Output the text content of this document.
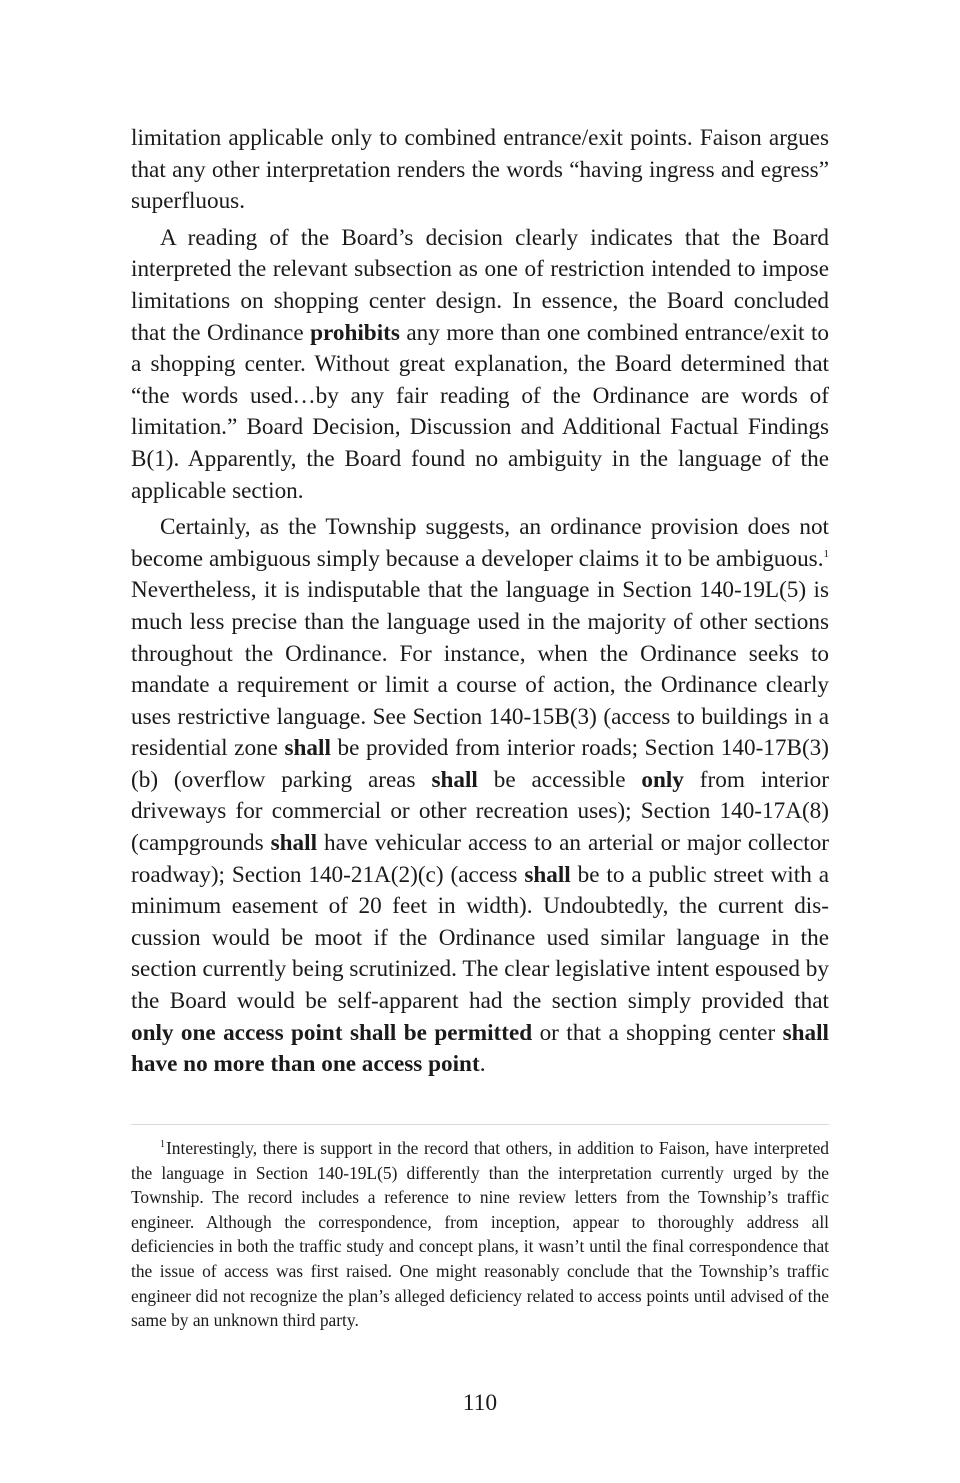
limitation applicable only to combined entrance/exit points. Faison argues that any other interpretation renders the words “having ingress and egress” superfluous.

A reading of the Board’s decision clearly indicates that the Board interpreted the relevant subsection as one of restriction intended to impose limitations on shopping center design. In essence, the Board concluded that the Ordinance prohibits any more than one combined entrance/exit to a shopping center. Without great explanation, the Board determined that “the words used…by any fair reading of the Ordinance are words of limitation.” Board Decision, Discussion and Additional Factual Findings B(1). Apparently, the Board found no ambiguity in the language of the applicable section.

Certainly, as the Township suggests, an ordinance provision does not become ambiguous simply because a developer claims it to be ambiguous.$^1$ Nevertheless, it is indisputable that the language in Section 140-19L(5) is much less precise than the language used in the majority of other sections throughout the Ordinance. For instance, when the Ordinance seeks to mandate a requirement or limit a course of action, the Ordinance clearly uses restrictive language. See Section 140-15B(3) (access to buildings in a residential zone shall be provided from interior roads; Section 140-17B(3)(b) (overflow parking areas shall be accessible only from interior driveways for commercial or other recreation uses); Section 140-17A(8) (campgrounds shall have vehicular access to an arterial or major collector roadway); Section 140-21A(2)(c) (access shall be to a public street with a minimum easement of 20 feet in width). Undoubtedly, the current discussion would be moot if the Ordinance used similar language in the section currently being scrutinized. The clear legislative intent espoused by the Board would be self-apparent had the section simply provided that only one access point shall be permitted or that a shopping center shall have no more than one access point.

$^1$Interestingly, there is support in the record that others, in addition to Faison, have interpreted the language in Section 140-19L(5) differently than the interpretation currently urged by the Township. The record includes a reference to nine review letters from the Township’s traffic engineer. Although the correspondence, from inception, appear to thoroughly address all deficiencies in both the traffic study and concept plans, it wasn’t until the final correspondence that the issue of access was first raised. One might reasonably conclude that the Township’s traffic engineer did not recognize the plan’s alleged deficiency related to access points until advised of the same by an unknown third party.

110
